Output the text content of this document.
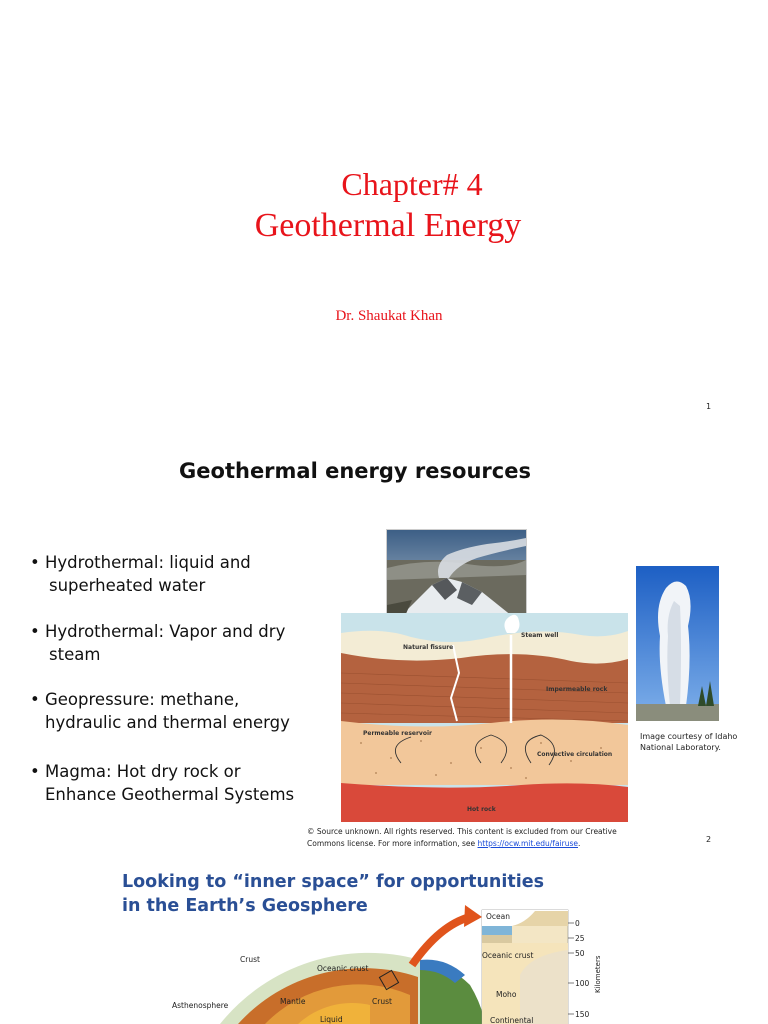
Chapter# 4
Geothermal Energy
Dr. Shaukat Khan
1
Geothermal energy resources
• Hydrothermal: liquid and
superheated water
• Hydrothermal: Vapor and dry
steam
• Geopressure: methane,
hydraulic and thermal energy
• Magma: Hot dry rock or
Enhance Geothermal Systems
Natural fissure
Steam well
Impermeable rock
Permeable reservoir
Convective circulation
Hot rock
Image courtesy of Idaho National Laboratory.
© Source unknown. All rights reserved. This content is excluded from our Creative Commons license. For more information, see https://ocw.mit.edu/fairuse.	2
0
25
50
100
150
Kilometers
Ocean
Oceanic crust
Moho
Continental
Crust
Oceanic crust
Mantle	Crust
Asthenosphere
Liquid
Looking to “inner space” for opportunities
in the Earth’s Geosphere
